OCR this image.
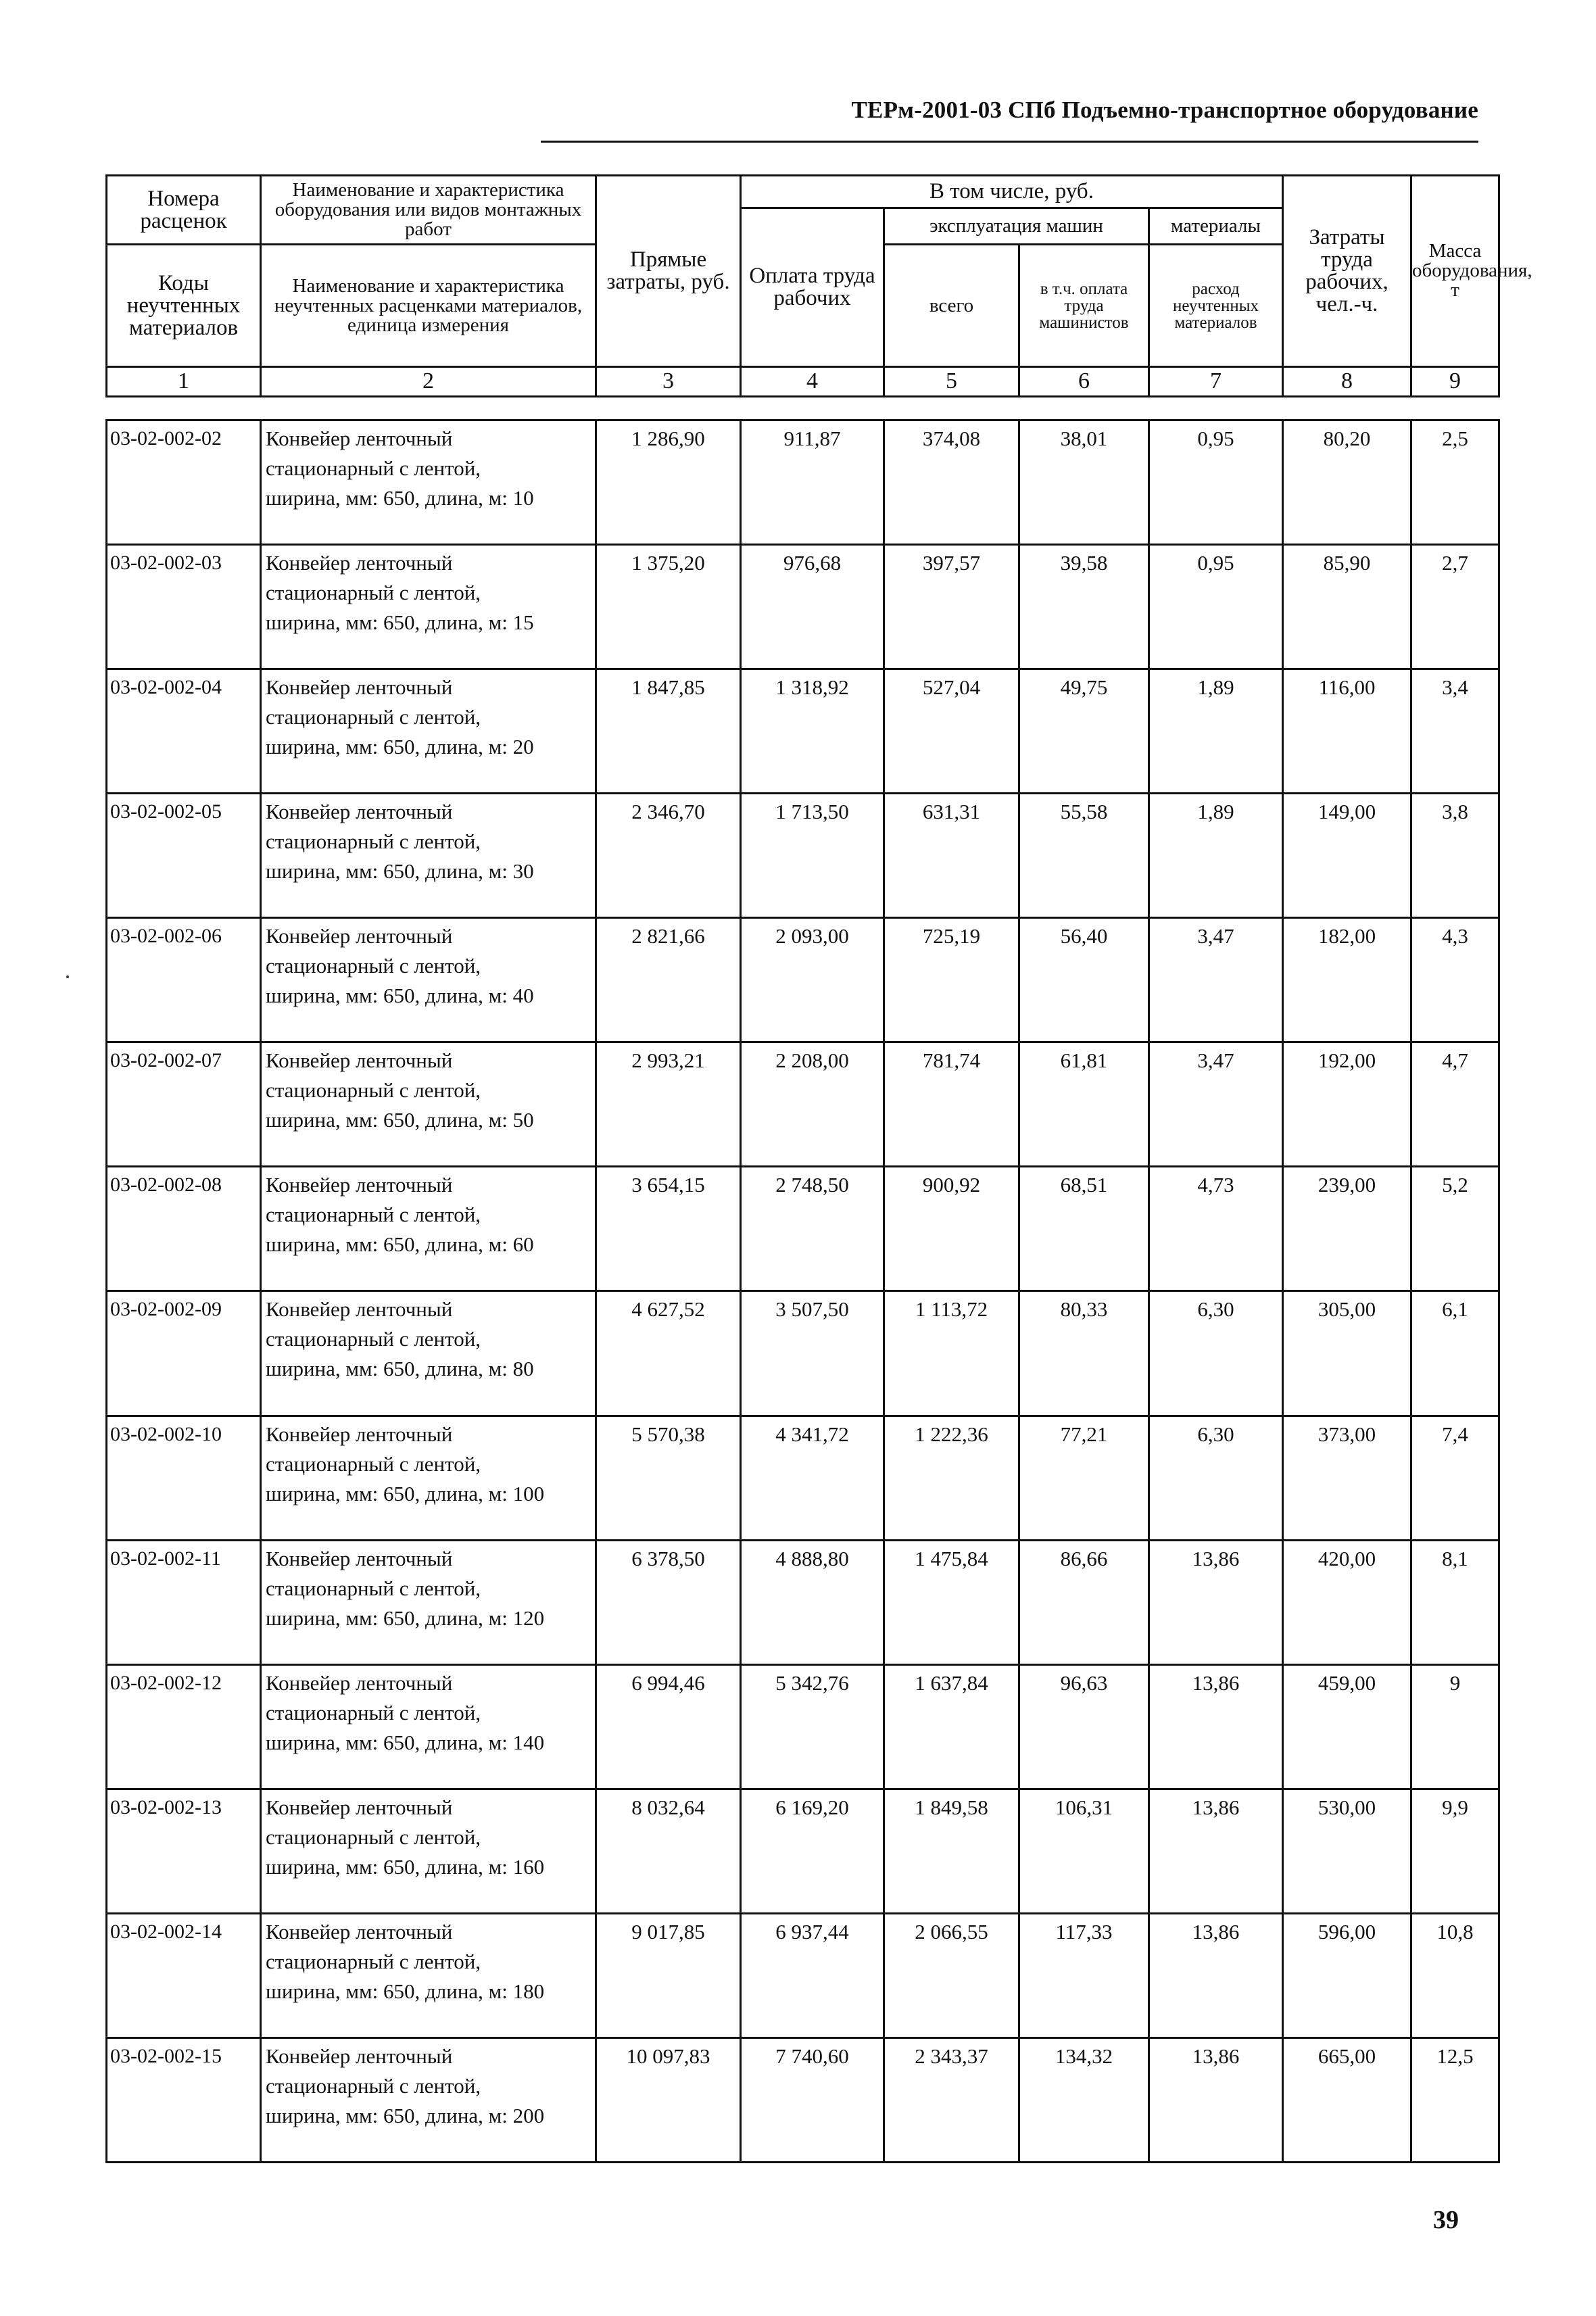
ТЕРм-2001-03 СПб Подъемно-транспортное оборудование
Номера расценок	Наименование и характеристика оборудования или видов монтажных работ	Прямые затраты, руб.	В том числе, руб.				Затраты труда рабочих, чел.-ч.	Масса оборудования, т
			Оплата труда рабочих	эксплуатация машин		материалы		
Коды неучтенных материалов	Наименование и характеристика неучтенных расценками материалов, единица измерения			всего	в т.ч. оплата труда машинистов	расход неучтенных материалов		

1	2	3	4	5	6	7	8	9
03-02-002-02	Конвейер ленточный
стационарный с лентой,
ширина, мм: 650, длина, м: 10	1 286,90	911,87	374,08	38,01	0,95	80,20	2,5
03-02-002-03	Конвейер ленточный
стационарный с лентой,
ширина, мм: 650, длина, м: 15	1 375,20	976,68	397,57	39,58	0,95	85,90	2,7
03-02-002-04	Конвейер ленточный
стационарный с лентой,
ширина, мм: 650, длина, м: 20	1 847,85	1 318,92	527,04	49,75	1,89	116,00	3,4
03-02-002-05	Конвейер ленточный
стационарный с лентой,
ширина, мм: 650, длина, м: 30	2 346,70	1 713,50	631,31	55,58	1,89	149,00	3,8
03-02-002-06	Конвейер ленточный
стационарный с лентой,
ширина, мм: 650, длина, м: 40	2 821,66	2 093,00	725,19	56,40	3,47	182,00	4,3
03-02-002-07	Конвейер ленточный
стационарный с лентой,
ширина, мм: 650, длина, м: 50	2 993,21	2 208,00	781,74	61,81	3,47	192,00	4,7
03-02-002-08	Конвейер ленточный
стационарный с лентой,
ширина, мм: 650, длина, м: 60	3 654,15	2 748,50	900,92	68,51	4,73	239,00	5,2
03-02-002-09	Конвейер ленточный
стационарный с лентой,
ширина, мм: 650, длина, м: 80	4 627,52	3 507,50	1 113,72	80,33	6,30	305,00	6,1
03-02-002-10	Конвейер ленточный
стационарный с лентой,
ширина, мм: 650, длина, м: 100	5 570,38	4 341,72	1 222,36	77,21	6,30	373,00	7,4
03-02-002-11	Конвейер ленточный
стационарный с лентой,
ширина, мм: 650, длина, м: 120	6 378,50	4 888,80	1 475,84	86,66	13,86	420,00	8,1
03-02-002-12	Конвейер ленточный
стационарный с лентой,
ширина, мм: 650, длина, м: 140	6 994,46	5 342,76	1 637,84	96,63	13,86	459,00	9
03-02-002-13	Конвейер ленточный
стационарный с лентой,
ширина, мм: 650, длина, м: 160	8 032,64	6 169,20	1 849,58	106,31	13,86	530,00	9,9
03-02-002-14	Конвейер ленточный
стационарный с лентой,
ширина, мм: 650, длина, м: 180	9 017,85	6 937,44	2 066,55	117,33	13,86	596,00	10,8
03-02-002-15	Конвейер ленточный
стационарный с лентой,
ширина, мм: 650, длина, м: 200	10 097,83	7 740,60	2 343,37	134,32	13,86	665,00	12,5
39
